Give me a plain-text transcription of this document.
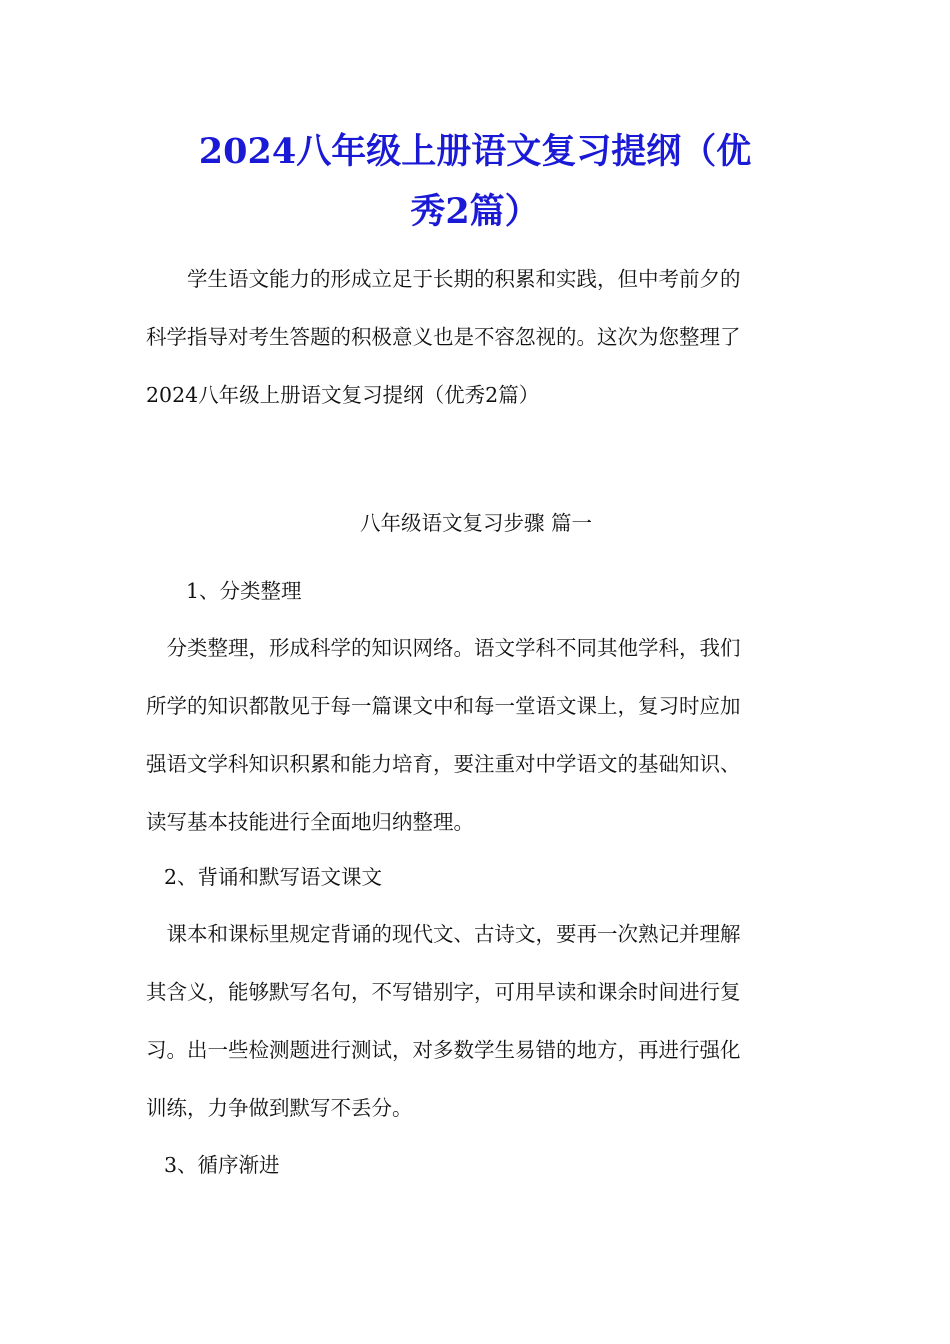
2024八年级上册语文复习提纲（优
秀2篇）

　　学生语文能力的形成立足于长期的积累和实践，但中考前夕的
科学指导对考生答题的积极意义也是不容忽视的。这次为您整理了
2024八年级上册语文复习提纲（优秀2篇）

八年级语文复习步骤 篇一

1、分类整理

　分类整理，形成科学的知识网络。语文学科不同其他学科，我们
所学的知识都散见于每一篇课文中和每一堂语文课上，复习时应加
强语文学科知识积累和能力培育，要注重对中学语文的基础知识、
读写基本技能进行全面地归纳整理。

2、背诵和默写语文课文

　课本和课标里规定背诵的现代文、古诗文，要再一次熟记并理解
其含义，能够默写名句，不写错别字，可用早读和课余时间进行复
习。出一些检测题进行测试，对多数学生易错的地方，再进行强化
训练，力争做到默写不丢分。

3、循序渐进
